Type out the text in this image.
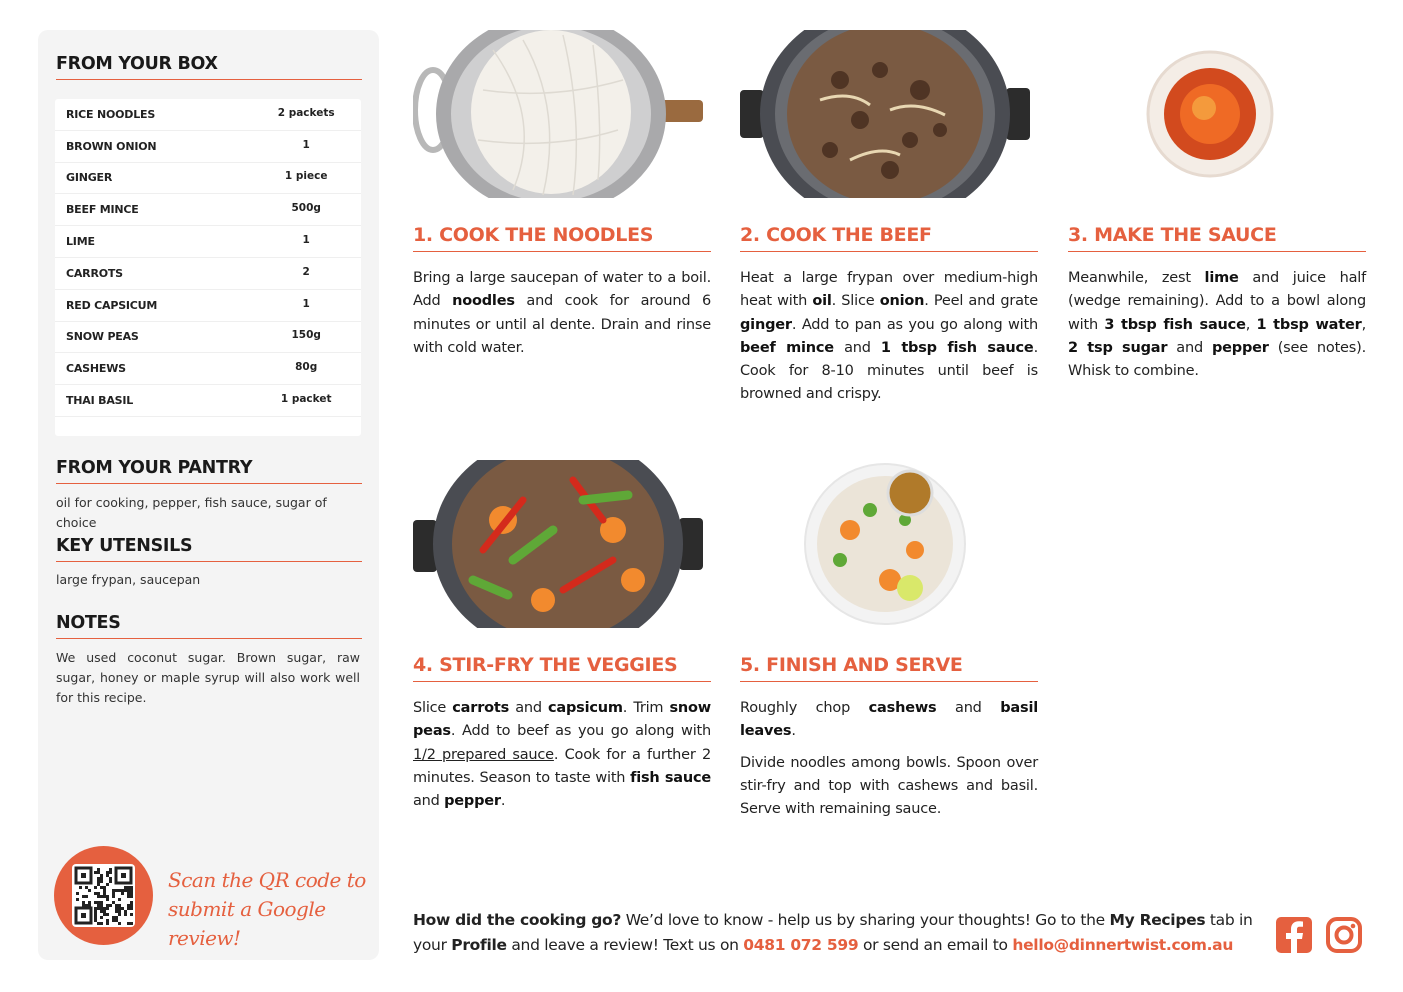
FROM YOUR BOX
RICE NOODLES	2 packets
BROWN ONION	1
GINGER	1 piece
BEEF MINCE	500g
LIME	1
CARROTS	2
RED CAPSICUM	1
SNOW PEAS	150g
CASHEWS	80g
THAI BASIL	1 packet
FROM YOUR PANTRY
oil for cooking, pepper, fish sauce, sugar of choice
KEY UTENSILS
large frypan, saucepan
NOTES
We used coconut sugar. Brown sugar, raw sugar, honey or maple syrup will also work well for this recipe.
Scan the QR code to
submit a Google review!
1. COOK THE NOODLES	2. COOK THE BEEF	3. MAKE THE SAUCE
4. STIR-FRY THE VEGGIES	5. FINISH AND SERVE

Bring a large saucepan of water to a boil. Add noodles and cook for around 6 minutes or until al dente. Drain and rinse with cold water.

Heat a large frypan over medium-high heat with oil. Slice onion. Peel and grate ginger. Add to pan as you go along with beef mince and 1 tbsp fish sauce. Cook for 8-10 minutes until beef is browned and crispy.

Meanwhile, zest lime and juice half (wedge remaining). Add to a bowl along with 3 tbsp fish sauce, 1 tbsp water, 2 tsp sugar and pepper (see notes). Whisk to combine.

Slice carrots and capsicum. Trim snow peas. Add to beef as you go along with 1/2 prepared sauce. Cook for a further 2 minutes. Season to taste with fish sauce and pepper.

Roughly chop cashews and basil leaves.

Divide noodles among bowls. Spoon over stir-fry and top with cashews and basil. Serve with remaining sauce.

How did the cooking go? We’d love to know - help us by sharing your thoughts! Go to the My Recipes tab in your Profile and leave a review! Text us on 0481 072 599 or send an email to hello@dinnertwist.com.au
